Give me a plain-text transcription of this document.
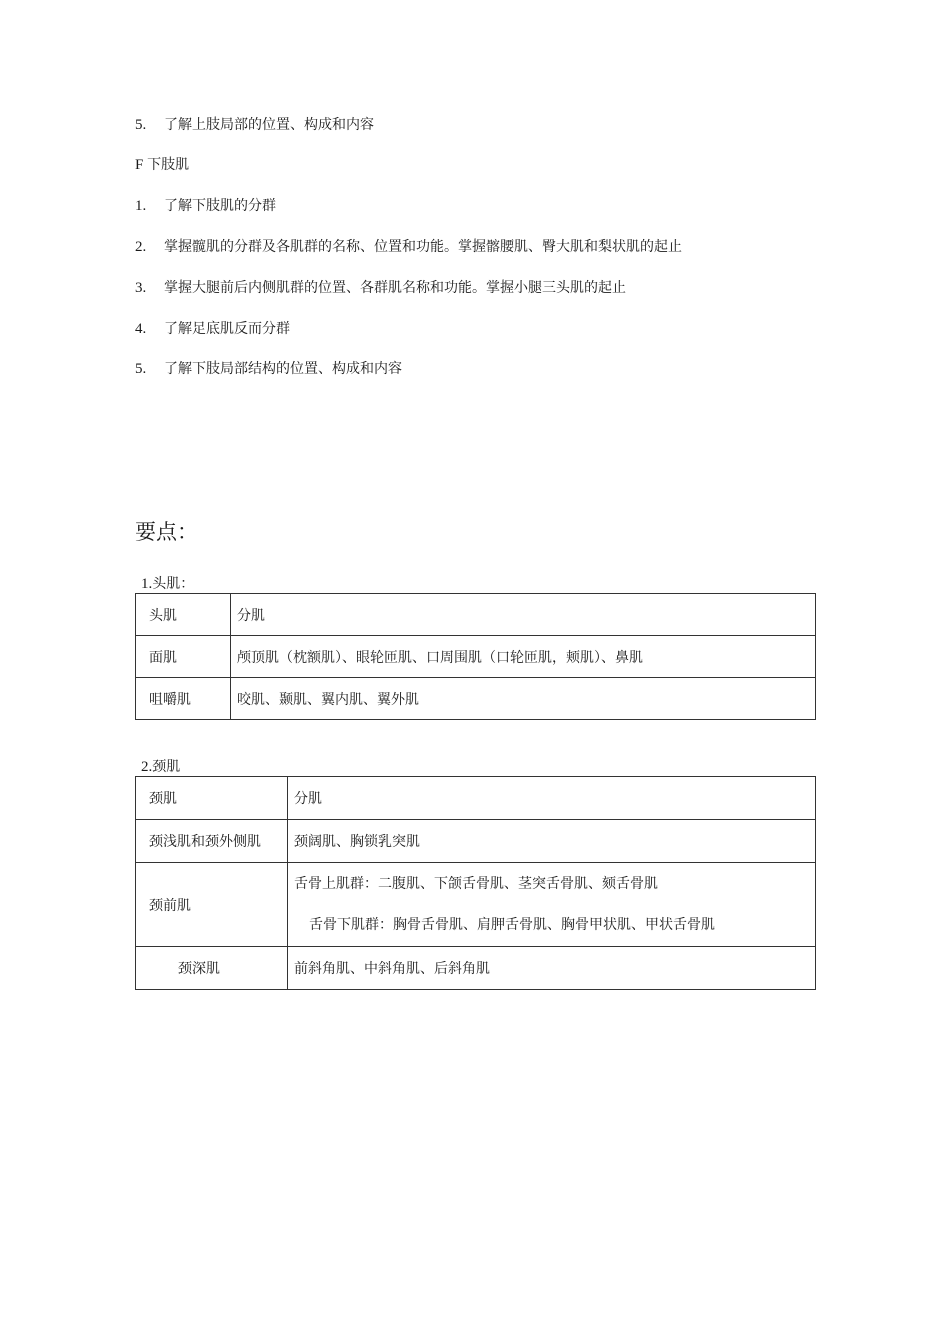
5. 了解上肢局部的位置、构成和内容
F 下肢肌
1. 了解下肢肌的分群
2. 掌握髋肌的分群及各肌群的名称、位置和功能。掌握髂腰肌、臀大肌和梨状肌的起止
3. 掌握大腿前后内侧肌群的位置、各群肌名称和功能。掌握小腿三头肌的起止
4. 了解足底肌反而分群
5. 了解下肢局部结构的位置、构成和内容
要点：
1.头肌：
头肌	分肌
面肌	颅顶肌（枕额肌）、眼轮匝肌、口周围肌（口轮匝肌，颊肌）、鼻肌
咀嚼肌	咬肌、颞肌、翼内肌、翼外肌
2.颈肌
颈肌	分肌
颈浅肌和颈外侧肌	颈阔肌、胸锁乳突肌
颈前肌	舌骨上肌群：二腹肌、下颌舌骨肌、茎突舌骨肌、颏舌骨肌
舌骨下肌群：胸骨舌骨肌、肩胛舌骨肌、胸骨甲状肌、甲状舌骨肌

颈深肌	前斜角肌、中斜角肌、后斜角肌
